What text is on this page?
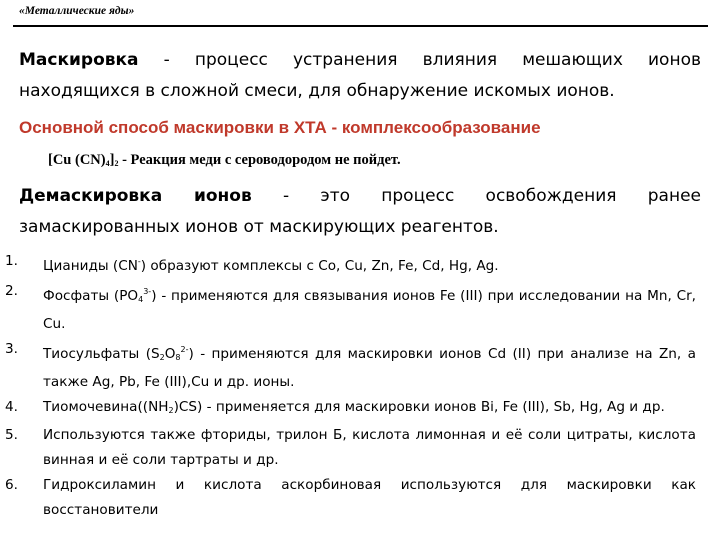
«Металлические яды»
Маскировка - процесс устранения влияния мешающих ионов находящихся в сложной смеси, для обнаружение искомых ионов.
Основной способ маскировки в ХТА - комплексообразование
[Cu $(CN)_4]_2$ - Реакция меди с сероводородом не пойдет.
Демаскировка ионов - это процесс освобождения ранее замаскированных ионов от маскирующих реагентов.
1. Цианиды (CN-) образуют комплексы с Co, Cu, Zn, Fe, Cd, Hg, Ag.
2. Фосфаты $(PO_4^{3-})$ - применяются для связывания ионов Fe (III) при исследовании на Mn, Cr, Cu.
3. Тиосульфаты $(S_2O_8^{2-})$ - применяются для маскировки ионов Cd (II) при анализе на Zn, а также Ag, Pb, Fe (III),Cu и др. ионы.
4. $Тиомочевина((NH_2)CS)$ - применяется для маскировки ионов Bi, Fe (III), Sb, Hg, Ag и др.
5. Используются также фториды, трилон Б, кислота лимонная и её соли цитраты, кислота винная и её соли тартраты и др.
6. Гидроксиламин и кислота аскорбиновая используются для маскировки как восстановители
